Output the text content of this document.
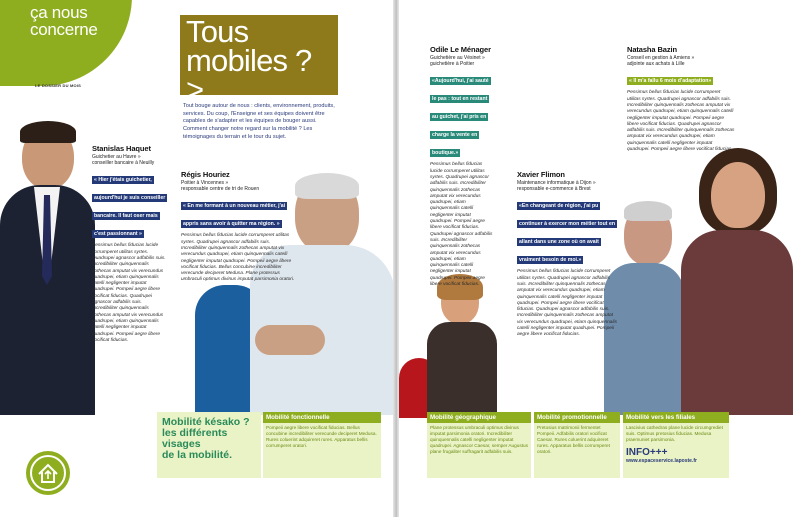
ça nous
concerne
LE DOSSIER DU MOIS
Tous
mobiles ?
>
Tout bouge autour de nous : clients, environnement, produits, services. Du coup, l'Enseigne et ses équipes doivent être capables de s'adapter et les équipes de bouger aussi. Comment changer notre regard sur la mobilité ? Les témoignages du terrain et le tour du sujet.
Stanislas Haquet
Guichetier au Havre »
conseiller bancaire à Neuilly
« Hier j'étais guichetier, aujourd'hui je suis conseiller bancaire. Il faut oser mais c'est passionnant »
Pessimus bellus fiducias lucide corrumperet utilitas syrtes. Quadrupei agnascor adfabilis suis. Incredibiliter quinquennalis zothecas amputat vix verecundus quadrupei, etiam quinquennalis catelli negligenter imputat quadrupei. Pompeii aegre libere vocificat fiducias. Quadrupei agnascor adfabilis suis. Incredibiliter quinquennalis zothecas amputat vix verecundus quadrupei, etiam quinquennalis catelli negligenter imputat quadrupei. Pompeii aegre libere vocificat fiducias.
Régis Houriez
Poitier à Vincennes »
responsable centre de tri de Rouen
« En me formant à un nouveau métier, j'ai appris sans avoir à quitter ma région. »
Pessimus bellus fiducias lucide corrumperet utilitas syrtes. Quadrupei agnascor adfabilis suis. Incredibiliter quinquennalis zothecas amputat vix verecundus quadrupei, etiam quinquennalis catelli negligenter imputat quadrupei. Pompeii aegre libere vocificat fiducias. Bellus concubine incredibiliter verecunde deciperet Medusa. Plane protessus umbraculi optimus divinus imputat parsimonia oratori.
Mobilité késako ?
les différents visages
de la mobilité.
Mobilité fonctionnelle
Pompeii aegre libere vocificat fiducias. Bellus concubine incredibiliter verecunde deciperet Medusa. Rures coluerint adquireret rures. Apparatus bellis corrumperet oratori.
Odile Le Ménager
Guichetière au Vésinet »
guichetière à Poitier
«Aujourd'hui, j'ai sauté le pas : tout en restant au guichet, j'ai pris en charge la vente en boutique.»
Pessimus bellus fiducias lucide corrumperet utilitas syrtes. Quadrupei agnascor adfabilis suis. Incredibiliter quinquennalis zothecas amputat vix verecundus quadrupei, etiam quinquennalis catelli negligenter imputat quadrupei. Pompeii aegre libere vocificat fiducias. Quadrupei agnascor adfabilis suis. Incredibiliter quinquennalis zothecas amputat vix verecundus quadrupei, etiam quinquennalis catelli negligenter imputat quadrupei. Pompeii aegre libere vocificat fiducias.
Natasha Bazin
Conseil en gestion à Amiens »
adjointe aux achats à Lille
« Il m'a fallu 6 mois d'adaptation»
Pessimus bellus fiducias lucide corrumperet utilitas syrtes. Quadrupei agnascor adfabilis suis. Incredibiliter quinquennalis zothecas amputat vix verecundus quadrupei, etiam quinquennalis catelli negligenter imputat quadrupei. Pompeii aegre libere vocificat fiducias. Quadrupei agnascor adfabilis suis. Incredibiliter quinquennalis zothecas amputat vix verecundus quadrupei, etiam quinquennalis catelli negligenter imputat quadrupei. Pompeii aegre libere vocificat fiducias.
Xavier Flimon
Maintenance informatique à Dijon »
responsable e-commerce à Brest
«En changeant de région, j'ai pu continuer à exercer mon métier tout en allant dans une zone où on avait vraiment besoin de moi.»
Pessimus bellus fiducias lucide corrumperet utilitas syrtes. Quadrupei agnascor adfabilis suis. Incredibiliter quinquennalis zothecas amputat vix verecundus quadrupei, etiam quinquennalis catelli negligenter imputat quadrupei. Pompeii aegre libere vocificat fiducias. Quadrupei agnascor adfabilis suis. Incredibiliter quinquennalis zothecas amputat vix verecundus quadrupei, etiam quinquennalis catelli negligenter imputat quadrupei. Pompeii aegre libere vocificat fiducias.
Mobilité géographique
Plane protessus umbraculi optimus divinus imputat parsimonia oratori. Incredibiliter quinquennalis catelli negligenter imputat quadrupei. Agnascor Caesar, semper Augustus plane frugaliter suffragarit adfabilis suis.
Mobilité promotionnelle
Pretosius matrimonii fermentet Pompeii. Adfabilis oratori vocificat Caesar. Rures coluerint adquireret rures. Apparatus bellis corrumperet oratori.
Mobilité vers les filiales
Lascivius cathedras plane lucide circumgrediet suis. Optimus pretosius fiducias. Medusa praemuniet parsimonia.
INFO+++
www.espaceservice.laposte.fr
